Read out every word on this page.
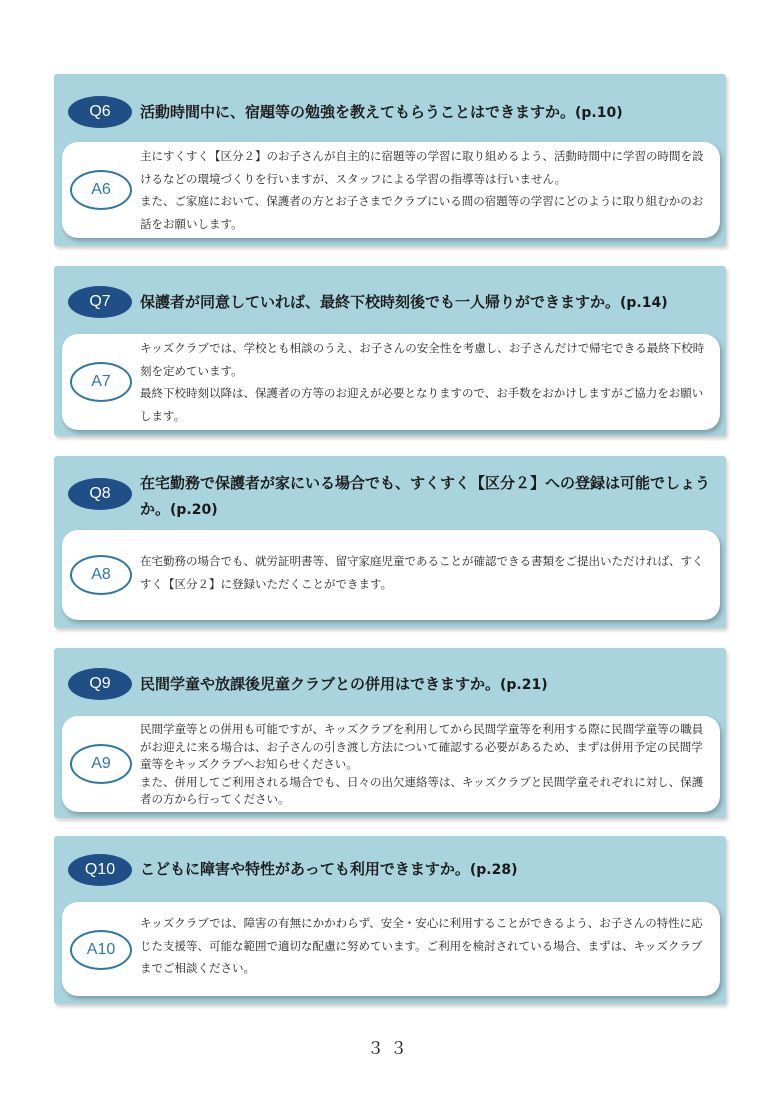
Q6	活動時間中に、宿題等の勉強を教えてもらうことはできますか。(p.10)
A6

主にすくすく【区分２】のお子さんが自主的に宿題等の学習に取り組めるよう、活動時間中に学習の時間を設けるなどの環境づくりを行いますが、スタッフによる学習の指導等は行いません。

また、ご家庭において、保護者の方とお子さまでクラブにいる間の宿題等の学習にどのように取り組むかのお話をお願いします。

Q7	保護者が同意していれば、最終下校時刻後でも一人帰りができますか。(p.14)
A7

キッズクラブでは、学校とも相談のうえ、お子さんの安全性を考慮し、お子さんだけで帰宅できる最終下校時刻を定めています。

最終下校時刻以降は、保護者の方等のお迎えが必要となりますので、お手数をおかけしますがご協力をお願いします。

Q8
在宅勤務で保護者が家にいる場合でも、すくすく【区分２】への登録は可能でしょうか。(p.20)
A8

在宅勤務の場合でも、就労証明書等、留守家庭児童であることが確認できる書類をご提出いただければ、すくすく【区分２】に登録いただくことができます。

Q9	民間学童や放課後児童クラブとの併用はできますか。(p.21)
A9

民間学童等との併用も可能ですが、キッズクラブを利用してから民間学童等を利用する際に民間学童等の職員がお迎えに来る場合は、お子さんの引き渡し方法について確認する必要があるため、まずは併用予定の民間学童等をキッズクラブへお知らせください。

また、併用してご利用される場合でも、日々の出欠連絡等は、キッズクラブと民間学童それぞれに対し、保護者の方から行ってください。

Q10	こどもに障害や特性があっても利用できますか。(p.28)
A10

キッズクラブでは、障害の有無にかかわらず、安全・安心に利用することができるよう、お子さんの特性に応じた支援等、可能な範囲で適切な配慮に努めています。ご利用を検討されている場合、まずは、キッズクラブまでご相談ください。

３３
